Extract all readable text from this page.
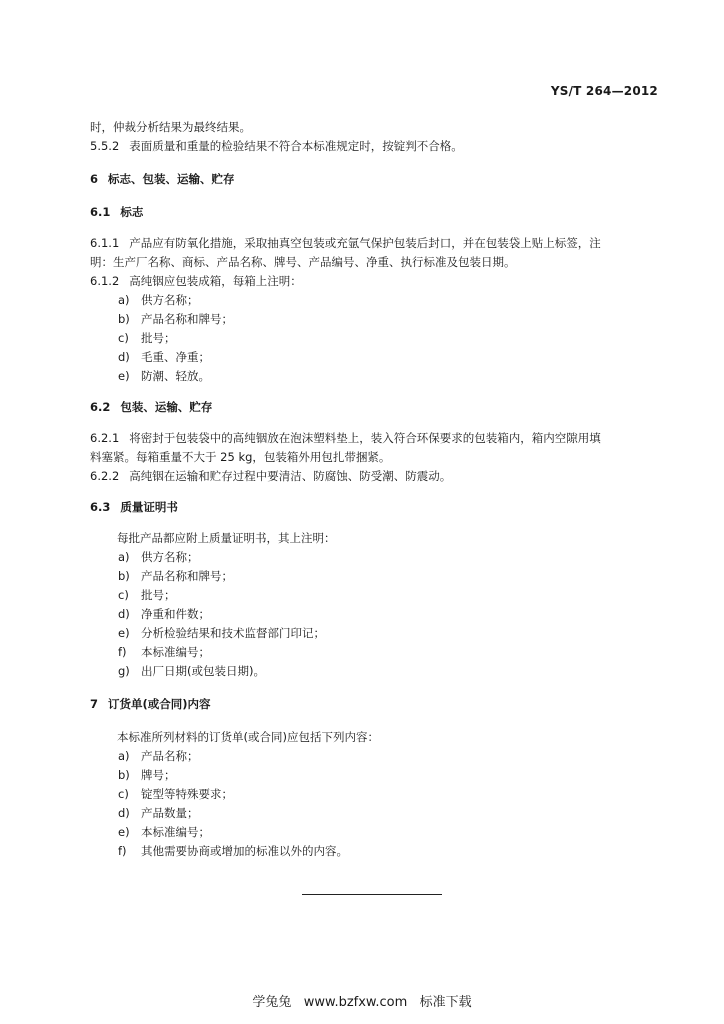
YS/T 264—2012
时，仲裁分析结果为最终结果。
5.5.2 表面质量和重量的检验结果不符合本标准规定时，按锭判不合格。
6 标志、包装、运输、贮存
6.1 标志
6.1.1 产品应有防氧化措施，采取抽真空包装或充氩气保护包装后封口，并在包装袋上贴上标签，注
明：生产厂名称、商标、产品名称、牌号、产品编号、净重、执行标准及包装日期。
6.1.2 高纯铟应包装成箱，每箱上注明：
a) 供方名称；
b) 产品名称和牌号；
c) 批号；
d) 毛重、净重；
e) 防潮、轻放。
6.2 包装、运输、贮存
6.2.1 将密封于包装袋中的高纯铟放在泡沫塑料垫上，装入符合环保要求的包装箱内，箱内空隙用填
料塞紧。每箱重量不大于 25 kg，包装箱外用包扎带捆紧。
6.2.2 高纯铟在运输和贮存过程中要清洁、防腐蚀、防受潮、防震动。
6.3 质量证明书
每批产品都应附上质量证明书，其上注明：
a) 供方名称；
b) 产品名称和牌号；
c) 批号；
d) 净重和件数；
e) 分析检验结果和技术监督部门印记；
f) 本标准编号；
g) 出厂日期(或包装日期)。
7 订货单(或合同)内容
本标准所列材料的订货单(或合同)应包括下列内容：
a) 产品名称；
b) 牌号；
c) 锭型等特殊要求；
d) 产品数量；
e) 本标准编号；
f) 其他需要协商或增加的标准以外的内容。
学兔兔   www.bzfxw.com   标准下载
